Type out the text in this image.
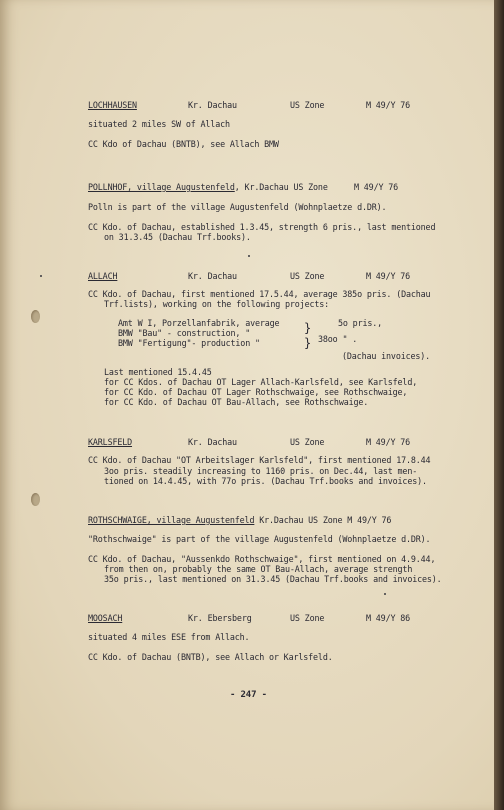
LOCHHAUSEN	Kr. Dachau	US Zone	M 49/Y 76

situated 2 miles SW of Allach

CC Kdo of Dachau (BNTB), see Allach BMW

POLLNHOF, village Augustenfeld, Kr.Dachau US Zone	M 49/Y 76

Polln is part of the village Augustenfeld (Wohnplaetze d.DR).

CC Kdo. of Dachau, established 1.3.45, strength 6 pris., last mentioned

on 31.3.45 (Dachau Trf.books).

ALLACH	Kr. Dachau	US Zone	M 49/Y 76

CC Kdo. of Dachau, first mentioned 17.5.44, average 385o pris. (Dachau

Trf.lists), working on the following projects:

Amt W I, Porzellanfabrik, average	5o pris.,

BMW "Bau" - construction, "

BMW "Fertigung"- production "

}

} 38oo " .

(Dachau invoices).

Last mentioned 15.4.45

for CC Kdos. of Dachau OT Lager Allach-Karlsfeld, see Karlsfeld,

for CC Kdo. of Dachau OT Lager Rothschwaige, see Rothschwaige,

for CC Kdo. of Dachau OT Bau-Allach, see Rothschwaige.

KARLSFELD	Kr. Dachau	US Zone	M 49/Y 76

CC Kdo. of Dachau "OT Arbeitslager Karlsfeld", first mentioned 17.8.44

3oo pris. steadily increasing to 1160 pris. on Dec.44, last men-

tioned on 14.4.45, with 77o pris. (Dachau Trf.books and invoices).

ROTHSCHWAIGE, village Augustenfeld Kr.Dachau US Zone M 49/Y 76

"Rothschwaige" is part of the village Augustenfeld (Wohnplaetze d.DR).

CC Kdo. of Dachau, "Aussenkdo Rothschwaige", first mentioned on 4.9.44,

from then on, probably the same OT Bau-Allach, average strength

35o pris., last mentioned on 31.3.45 (Dachau Trf.books and invoices).

MOOSACH	Kr. Ebersberg	US Zone	M 49/Y 86

situated 4 miles ESE from Allach.

CC Kdo. of Dachau (BNTB), see Allach or Karlsfeld.

- 247 -
